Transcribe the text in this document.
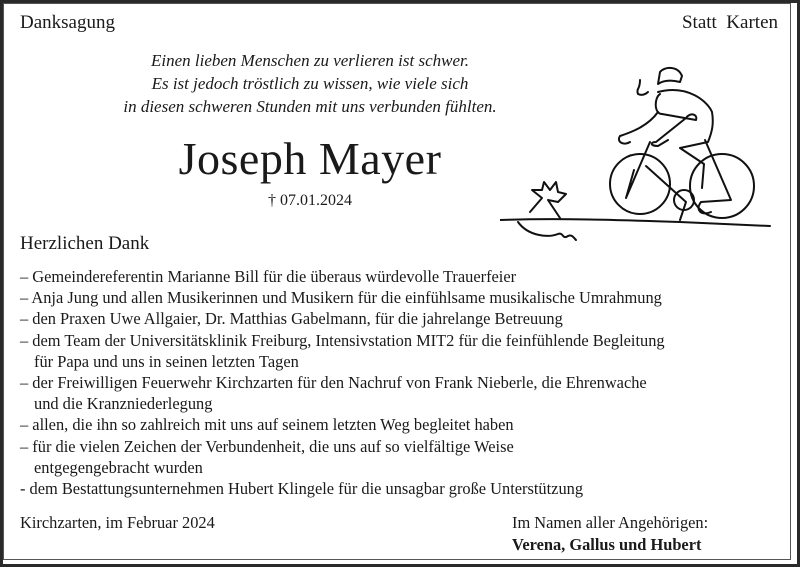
Danksagung	Statt  Karten
Einen lieben Menschen zu verlieren ist schwer.
Es ist jedoch tröstlich zu wissen, wie viele sich
in diesen schweren Stunden mit uns verbunden fühlten.
Joseph Mayer
† 07.01.2024
Herzlichen Dank
– Gemeindereferentin Marianne Bill für die überaus würdevolle Trauerfeier
– Anja Jung und allen Musikerinnen und Musikern für die einfühlsame musikalische Umrahmung
– den Praxen Uwe Allgaier, Dr. Matthias Gabelmann, für die jahrelange Betreuung
– dem Team der Universitätsklinik Freiburg, Intensivstation MIT2 für die feinfühlende Begleitung
für Papa und uns in seinen letzten Tagen
– der Freiwilligen Feuerwehr Kirchzarten für den Nachruf von Frank Nieberle, die Ehrenwache
und die Kranzniederlegung
– allen, die ihn so zahlreich mit uns auf seinem letzten Weg begleitet haben
– für die vielen Zeichen der Verbundenheit, die uns auf so vielfältige Weise
entgegengebracht wurden
- dem Bestattungsunternehmen Hubert Klingele für die unsagbar große Unterstützung
Kirchzarten, im Februar 2024	Im Namen aller Angehörigen:
Verena, Gallus und Hubert
